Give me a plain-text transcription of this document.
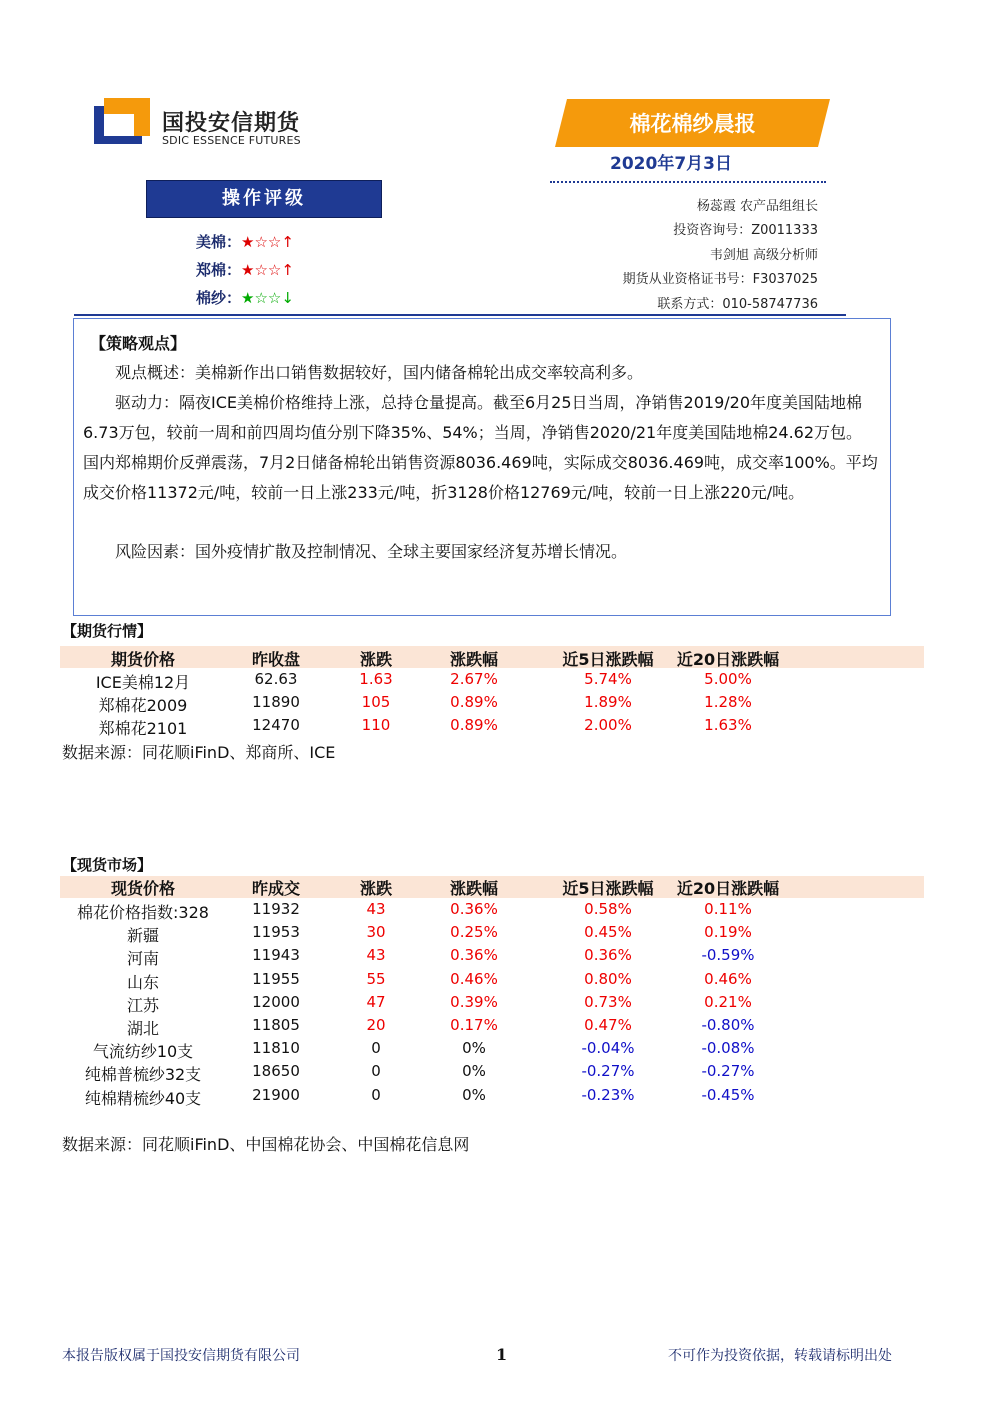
国投安信期货
SDIC ESSENCE FUTURES
棉花棉纱晨报
2020年7月3日
操作评级
美棉：★☆☆↑
郑棉：★☆☆↑
棉纱：★☆☆↓
杨蕊霞 农产品组组长
投资咨询号：Z0011333
韦剑旭 高级分析师
期货从业资格证书号：F3037025
联系方式：010-58747736
【策略观点】
观点概述：美棉新作出口销售数据较好，国内储备棉轮出成交率较高利多。
驱动力：隔夜ICE美棉价格维持上涨，总持仓量提高。截至6月25日当周，净销售2019/20年度美国陆地棉6.73万包，较前一周和前四周均值分别下降35%、54%；当周，净销售2020/21年度美国陆地棉24.62万包。国内郑棉期价反弹震荡，7月2日储备棉轮出销售资源8036.469吨，实际成交8036.469吨，成交率100%。平均成交价格11372元/吨，较前一日上涨233元/吨，折3128价格12769元/吨，较前一日上涨220元/吨。
风险因素：国外疫情扩散及控制情况、全球主要国家经济复苏增长情况。
【期货行情】
期货价格	昨收盘	涨跌	涨跌幅	近5日涨跌幅	近20日涨跌幅
ICE美棉12月	62.63	1.63	2.67%	5.74%	5.00%
郑棉花2009	11890	105	0.89%	1.89%	1.28%
郑棉花2101	12470	110	0.89%	2.00%	1.63%
数据来源：同花顺iFinD、郑商所、ICE
【现货市场】
现货价格	昨成交	涨跌	涨跌幅	近5日涨跌幅	近20日涨跌幅
棉花价格指数:328	11932	43	0.36%	0.58%	0.11%
新疆	11953	30	0.25%	0.45%	0.19%
河南	11943	43	0.36%	0.36%	-0.59%
山东	11955	55	0.46%	0.80%	0.46%
江苏	12000	47	0.39%	0.73%	0.21%
湖北	11805	20	0.17%	0.47%	-0.80%
气流纺纱10支	11810	0	0%	-0.04%	-0.08%
纯棉普梳纱32支	18650	0	0%	-0.27%	-0.27%
纯棉精梳纱40支	21900	0	0%	-0.23%	-0.45%
数据来源：同花顺iFinD、中国棉花协会、中国棉花信息网
本报告版权属于国投安信期货有限公司	1	不可作为投资依据，转载请标明出处
